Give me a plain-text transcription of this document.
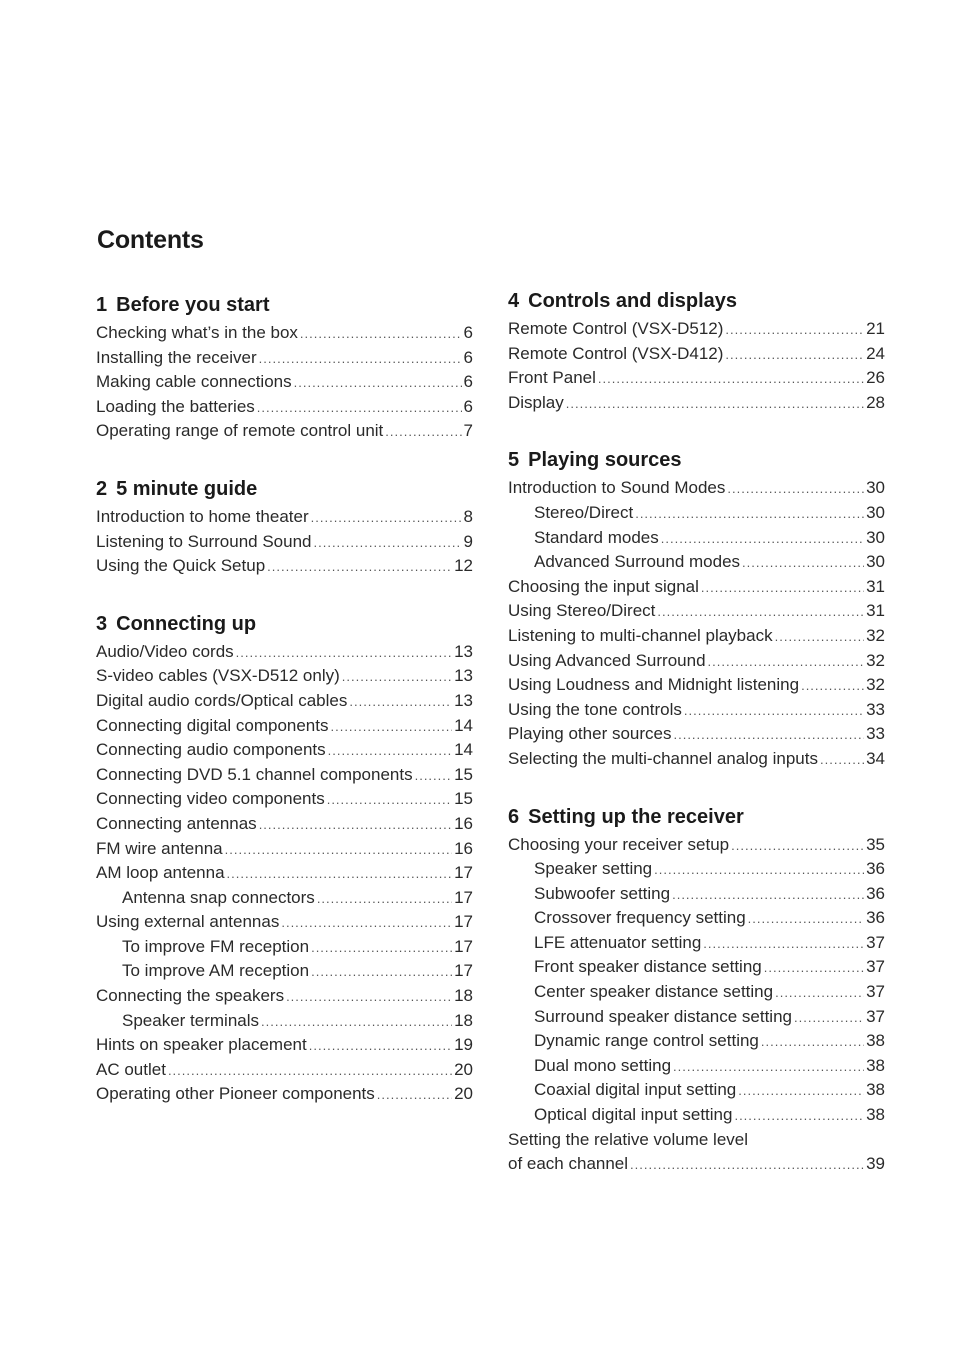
Contents
1 Before you start
Checking what’s in the box .....	6
Installing the receiver .....	6
Making cable connections .....	6
Loading the batteries .....	6
Operating range of remote control unit .....	7
2 5 minute guide
Introduction to home theater .....	8
Listening to Surround Sound .....	9
Using the Quick Setup .....	12
3 Connecting up
Audio/Video cords .....	13
S-video cables (VSX-D512 only) .....	13
Digital audio cords/Optical cables .....	13
Connecting digital components .....	14
Connecting audio components .....	14
Connecting DVD 5.1 channel components ..... 15
Connecting video components .....	15
Connecting antennas .....	16
FM wire antenna .....	16
AM loop antenna .....	17
Antenna snap connectors .....	17
Using external antennas .....	17
To improve FM reception .....	17
To improve AM reception .....	17
Connecting the speakers .....	18
Speaker terminals .....	18
Hints on speaker placement .....	19
AC outlet .....	20
Operating other Pioneer components .....	20
4 Controls and displays
Remote Control (VSX-D512) .....	21
Remote Control (VSX-D412) .....	24
Front Panel .....	26
Display .....	28
5 Playing sources
Introduction to Sound Modes .....	30
Stereo/Direct .....	30
Standard modes .....	30
Advanced Surround modes .....	30
Choosing the input signal .....	31
Using Stereo/Direct .....	31
Listening to multi-channel playback .....	32
Using Advanced Surround .....	32
Using Loudness and Midnight listening .....	32
Using the tone controls .....	33
Playing other sources .....	33
Selecting the multi-channel analog inputs .....	34
6 Setting up the receiver
Choosing your receiver setup .....	35
Speaker setting .....	36
Subwoofer setting .....	36
Crossover frequency setting .....	36
LFE attenuator setting .....	37
Front speaker distance setting .....	37
Center speaker distance setting .....	37
Surround speaker distance setting .....	37
Dynamic range control setting .....	38
Dual mono setting .....	38
Coaxial digital input setting .....	38
Optical digital input setting .....	38
Setting the relative volume level
of each channel .....	39
